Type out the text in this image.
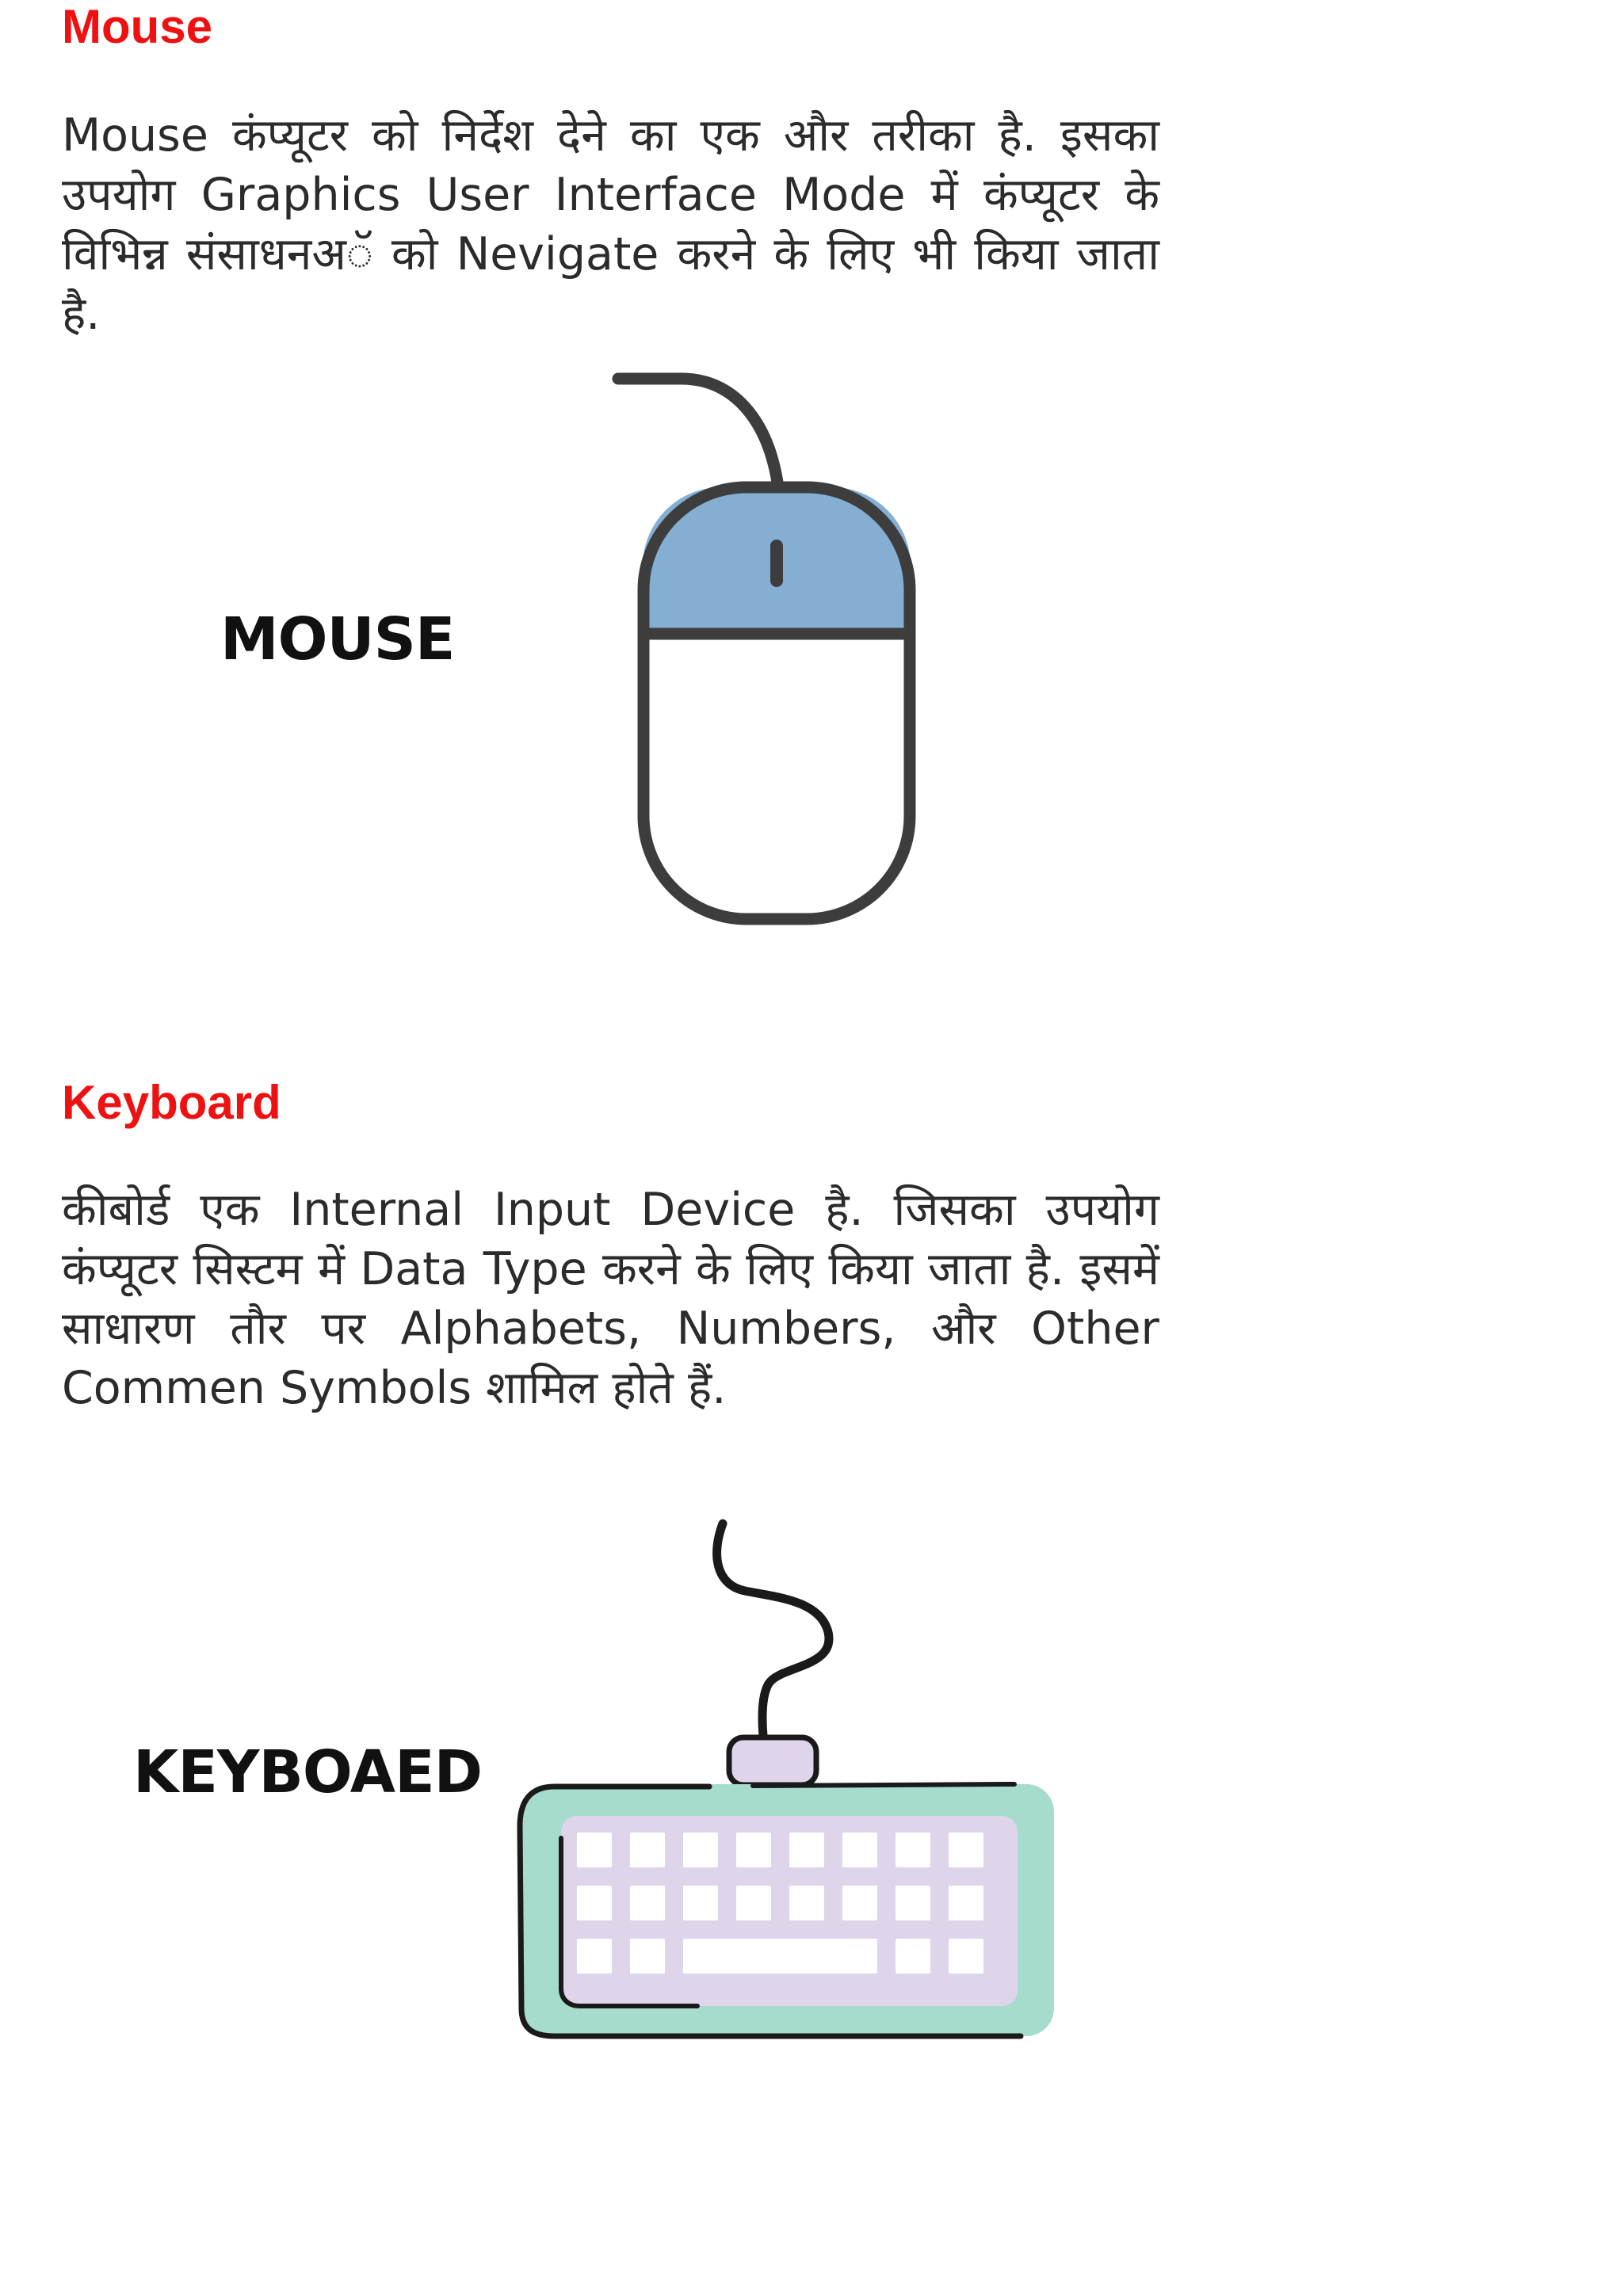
Mouse

Mouse कंप्यूटर को निर्देश देने का एक और तरीका है. इसका उपयोग Graphics User Interface Mode में कंप्यूटर के विभिन्न संसाधनअॅ को Nevigate करने के लिए भी किया जाता है.

MOUSE
Keyboard

कीबोर्ड एक Internal Input Device है. जिसका उपयोग कंप्यूटर सिस्टम में Data Type करने के लिए किया जाता है. इसमें साधारण तौर पर Alphabets, Numbers, और Other Commen Symbols शामिल होते हैं.

KEYBOAED
